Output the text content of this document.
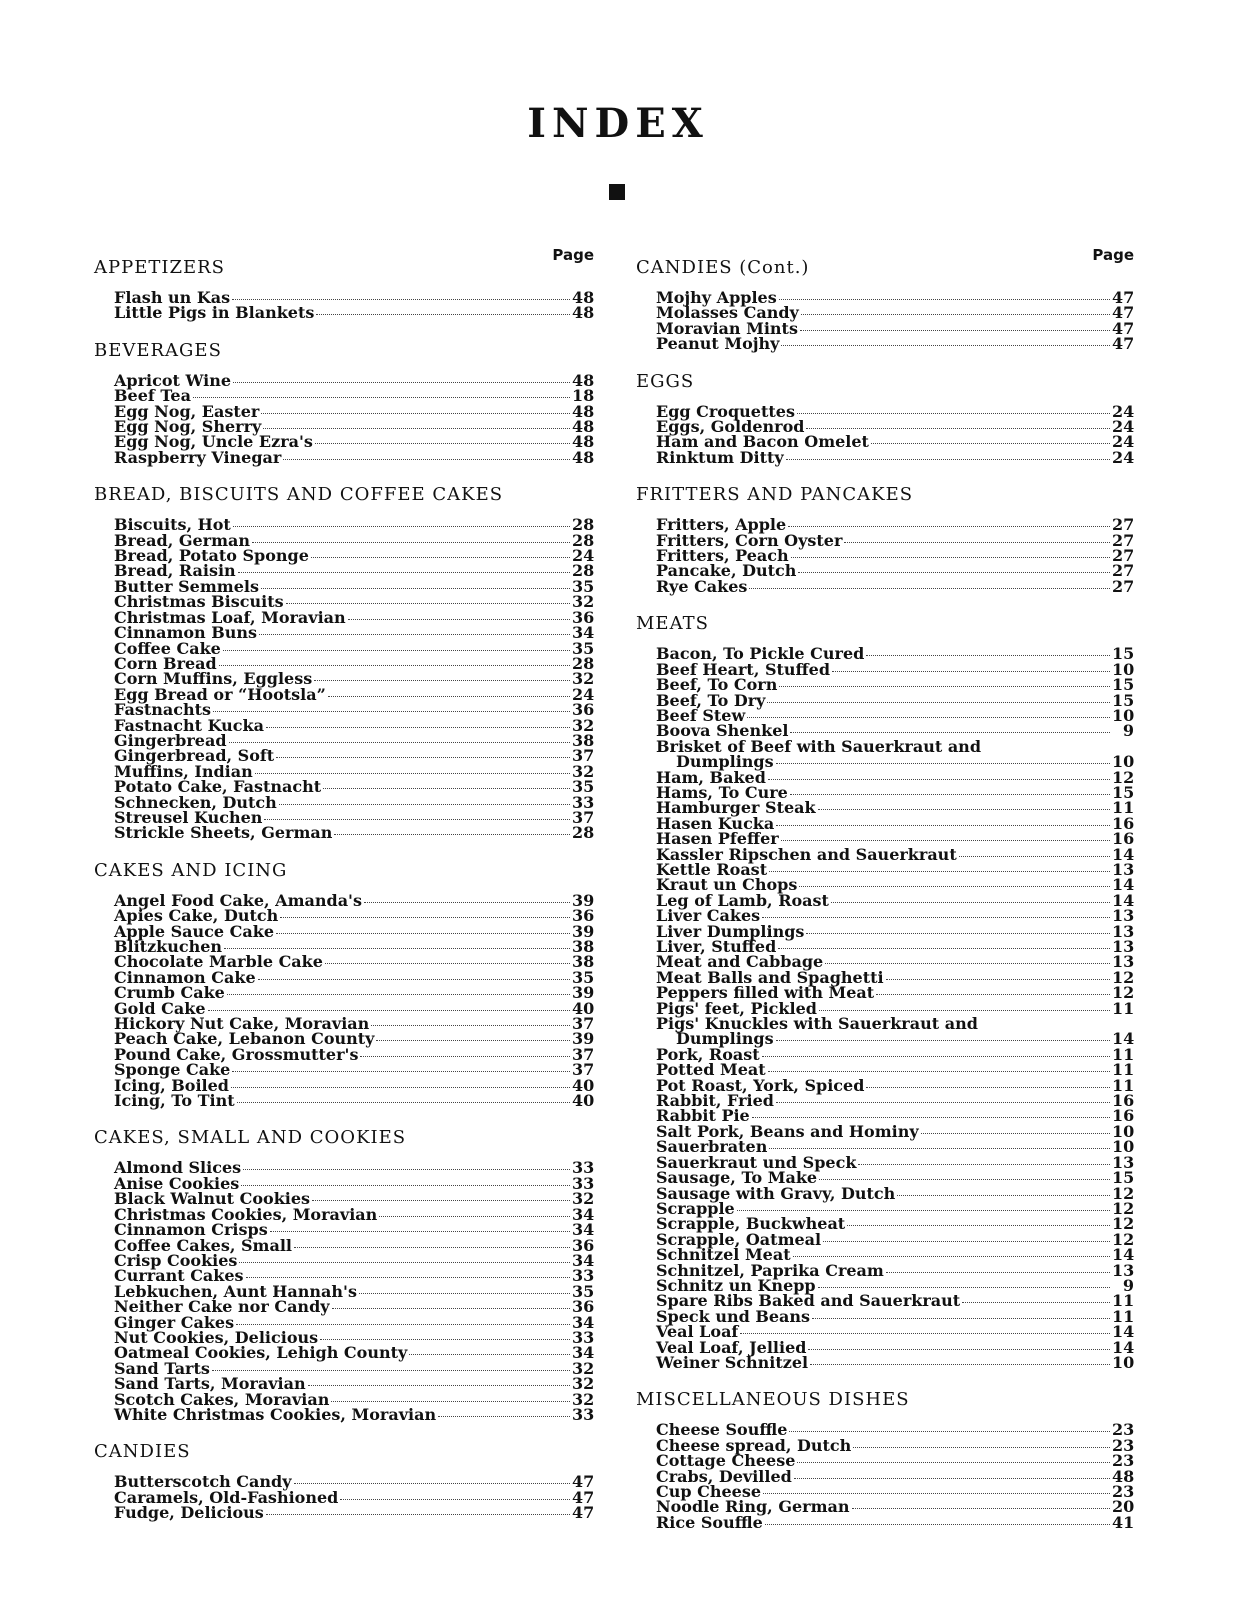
INDEX
Page
APPETIZERS
Flash un Kas	48
Little Pigs in Blankets	48
BEVERAGES
Apricot Wine	48
Beef Tea	18
Egg Nog, Easter	48
Egg Nog, Sherry	48
Egg Nog, Uncle Ezra's	48
Raspberry Vinegar	48
BREAD, BISCUITS AND COFFEE CAKES
Biscuits, Hot	28
Bread, German	28
Bread, Potato Sponge	24
Bread, Raisin	28
Butter Semmels	35
Christmas Biscuits	32
Christmas Loaf, Moravian	36
Cinnamon Buns	34
Coffee Cake	35
Corn Bread	28
Corn Muffins, Eggless	32
Egg Bread or “Hootsla”	24
Fastnachts	36
Fastnacht Kucka	32
Gingerbread	38
Gingerbread, Soft	37
Muffins, Indian	32
Potato Cake, Fastnacht	35
Schnecken, Dutch	33
Streusel Kuchen	37
Strickle Sheets, German	28
CAKES AND ICING
Angel Food Cake, Amanda's	39
Apies Cake, Dutch	36
Apple Sauce Cake	39
Blitzkuchen	38
Chocolate Marble Cake	38
Cinnamon Cake	35
Crumb Cake	39
Gold Cake	40
Hickory Nut Cake, Moravian	37
Peach Cake, Lebanon County	39
Pound Cake, Grossmutter's	37
Sponge Cake	37
Icing, Boiled	40
Icing, To Tint	40
CAKES, SMALL AND COOKIES
Almond Slices	33
Anise Cookies	33
Black Walnut Cookies	32
Christmas Cookies, Moravian	34
Cinnamon Crisps	34
Coffee Cakes, Small	36
Crisp Cookies	34
Currant Cakes	33
Lebkuchen, Aunt Hannah's	35
Neither Cake nor Candy	36
Ginger Cakes	34
Nut Cookies, Delicious	33
Oatmeal Cookies, Lehigh County	34
Sand Tarts	32
Sand Tarts, Moravian	32
Scotch Cakes, Moravian	32
White Christmas Cookies, Moravian	33
CANDIES
Butterscotch Candy	47
Caramels, Old-Fashioned	47
Fudge, Delicious	47
Page
CANDIES (Cont.)
Mojhy Apples	47
Molasses Candy	47
Moravian Mints	47
Peanut Mojhy	47
EGGS
Egg Croquettes	24
Eggs, Goldenrod	24
Ham and Bacon Omelet	24
Rinktum Ditty	24
FRITTERS AND PANCAKES
Fritters, Apple	27
Fritters, Corn Oyster	27
Fritters, Peach	27
Pancake, Dutch	27
Rye Cakes	27
MEATS
Bacon, To Pickle Cured	15
Beef Heart, Stuffed	10
Beef, To Corn	15
Beef, To Dry	15
Beef Stew	10
Boova Shenkel	9
Brisket of Beef with Sauerkraut and
Dumplings	10
Ham, Baked	12
Hams, To Cure	15
Hamburger Steak	11
Hasen Kucka	16
Hasen Pfeffer	16
Kassler Ripschen and Sauerkraut	14
Kettle Roast	13
Kraut un Chops	14
Leg of Lamb, Roast	14
Liver Cakes	13
Liver Dumplings	13
Liver, Stuffed	13
Meat and Cabbage	13
Meat Balls and Spaghetti	12
Peppers filled with Meat	12
Pigs' feet, Pickled	11
Pigs' Knuckles with Sauerkraut and
Dumplings	14
Pork, Roast	11
Potted Meat	11
Pot Roast, York, Spiced	11
Rabbit, Fried	16
Rabbit Pie	16
Salt Pork, Beans and Hominy	10
Sauerbraten	10
Sauerkraut und Speck	13
Sausage, To Make	15
Sausage with Gravy, Dutch	12
Scrapple	12
Scrapple, Buckwheat	12
Scrapple, Oatmeal	12
Schnitzel Meat	14
Schnitzel, Paprika Cream	13
Schnitz un Knepp	9
Spare Ribs Baked and Sauerkraut	11
Speck und Beans	11
Veal Loaf	14
Veal Loaf, Jellied	14
Weiner Schnitzel	10
MISCELLANEOUS DISHES
Cheese Souffle	23
Cheese spread, Dutch	23
Cottage Cheese	23
Crabs, Devilled	48
Cup Cheese	23
Noodle Ring, German	20
Rice Souffle	41
